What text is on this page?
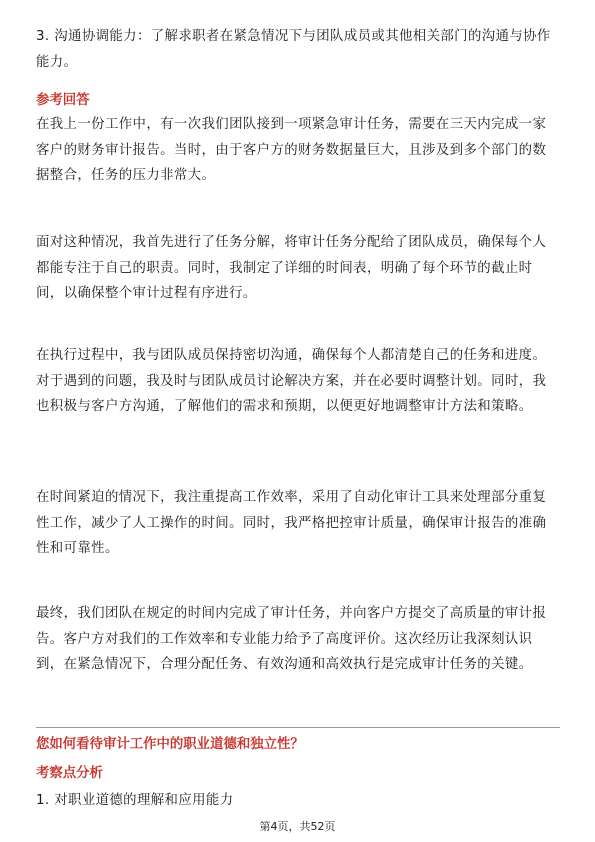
3. 沟通协调能力：了解求职者在紧急情况下与团队成员或其他相关部门的沟通与协作能力。

参考回答

在我上一份工作中，有一次我们团队接到一项紧急审计任务，需要在三天内完成一家客户的财务审计报告。当时，由于客户方的财务数据量巨大，且涉及到多个部门的数据整合，任务的压力非常大。

面对这种情况，我首先进行了任务分解，将审计任务分配给了团队成员，确保每个人都能专注于自己的职责。同时，我制定了详细的时间表，明确了每个环节的截止时间，以确保整个审计过程有序进行。

在执行过程中，我与团队成员保持密切沟通，确保每个人都清楚自己的任务和进度。对于遇到的问题，我及时与团队成员讨论解决方案，并在必要时调整计划。同时，我也积极与客户方沟通，了解他们的需求和预期，以便更好地调整审计方法和策略。

在时间紧迫的情况下，我注重提高工作效率，采用了自动化审计工具来处理部分重复性工作，减少了人工操作的时间。同时，我严格把控审计质量，确保审计报告的准确性和可靠性。

最终，我们团队在规定的时间内完成了审计任务，并向客户方提交了高质量的审计报告。客户方对我们的工作效率和专业能力给予了高度评价。这次经历让我深刻认识到，在紧急情况下，合理分配任务、有效沟通和高效执行是完成审计任务的关键。

您如何看待审计工作中的职业道德和独立性？

考察点分析

1. 对职业道德的理解和应用能力

第4页，共52页
